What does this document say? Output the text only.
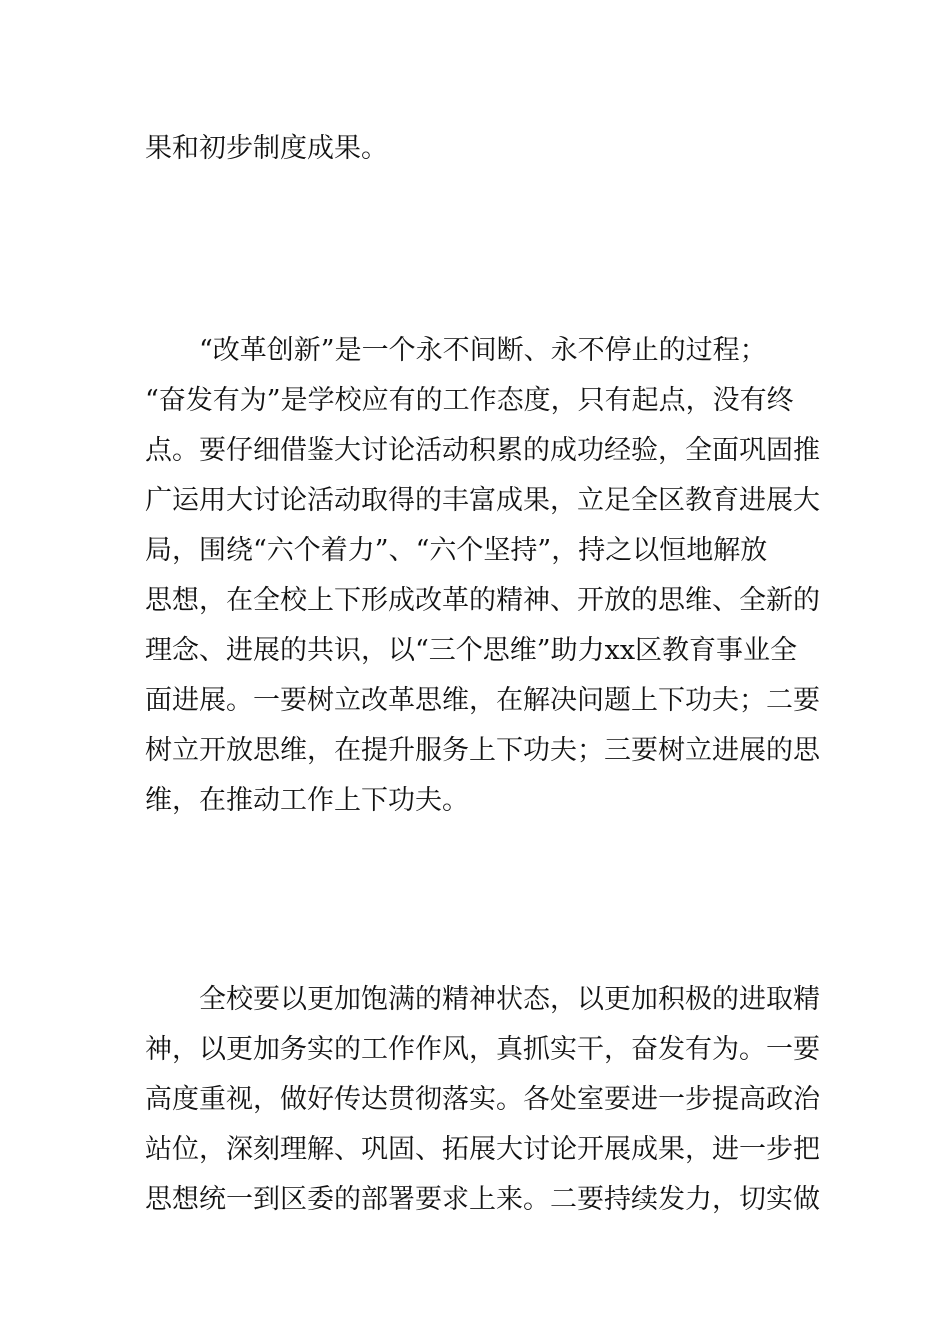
果和初步制度成果。

“改革创新”是一个永不间断、永不停止的过程；

“奋发有为”是学校应有的工作态度，只有起点，没有终

点。要仔细借鉴大讨论活动积累的成功经验，全面巩固推

广运用大讨论活动取得的丰富成果，立足全区教育进展大

局，围绕“六个着力”、“六个坚持”，持之以恒地解放

思想，在全校上下形成改革的精神、开放的思维、全新的

理念、进展的共识，以“三个思维”助力xx区教育事业全

面进展。一要树立改革思维，在解决问题上下功夫；二要

树立开放思维，在提升服务上下功夫；三要树立进展的思

维，在推动工作上下功夫。

全校要以更加饱满的精神状态，以更加积极的进取精

神，以更加务实的工作作风，真抓实干，奋发有为。一要

高度重视，做好传达贯彻落实。各处室要进一步提高政治

站位，深刻理解、巩固、拓展大讨论开展成果，进一步把

思想统一到区委的部署要求上来。二要持续发力，切实做
